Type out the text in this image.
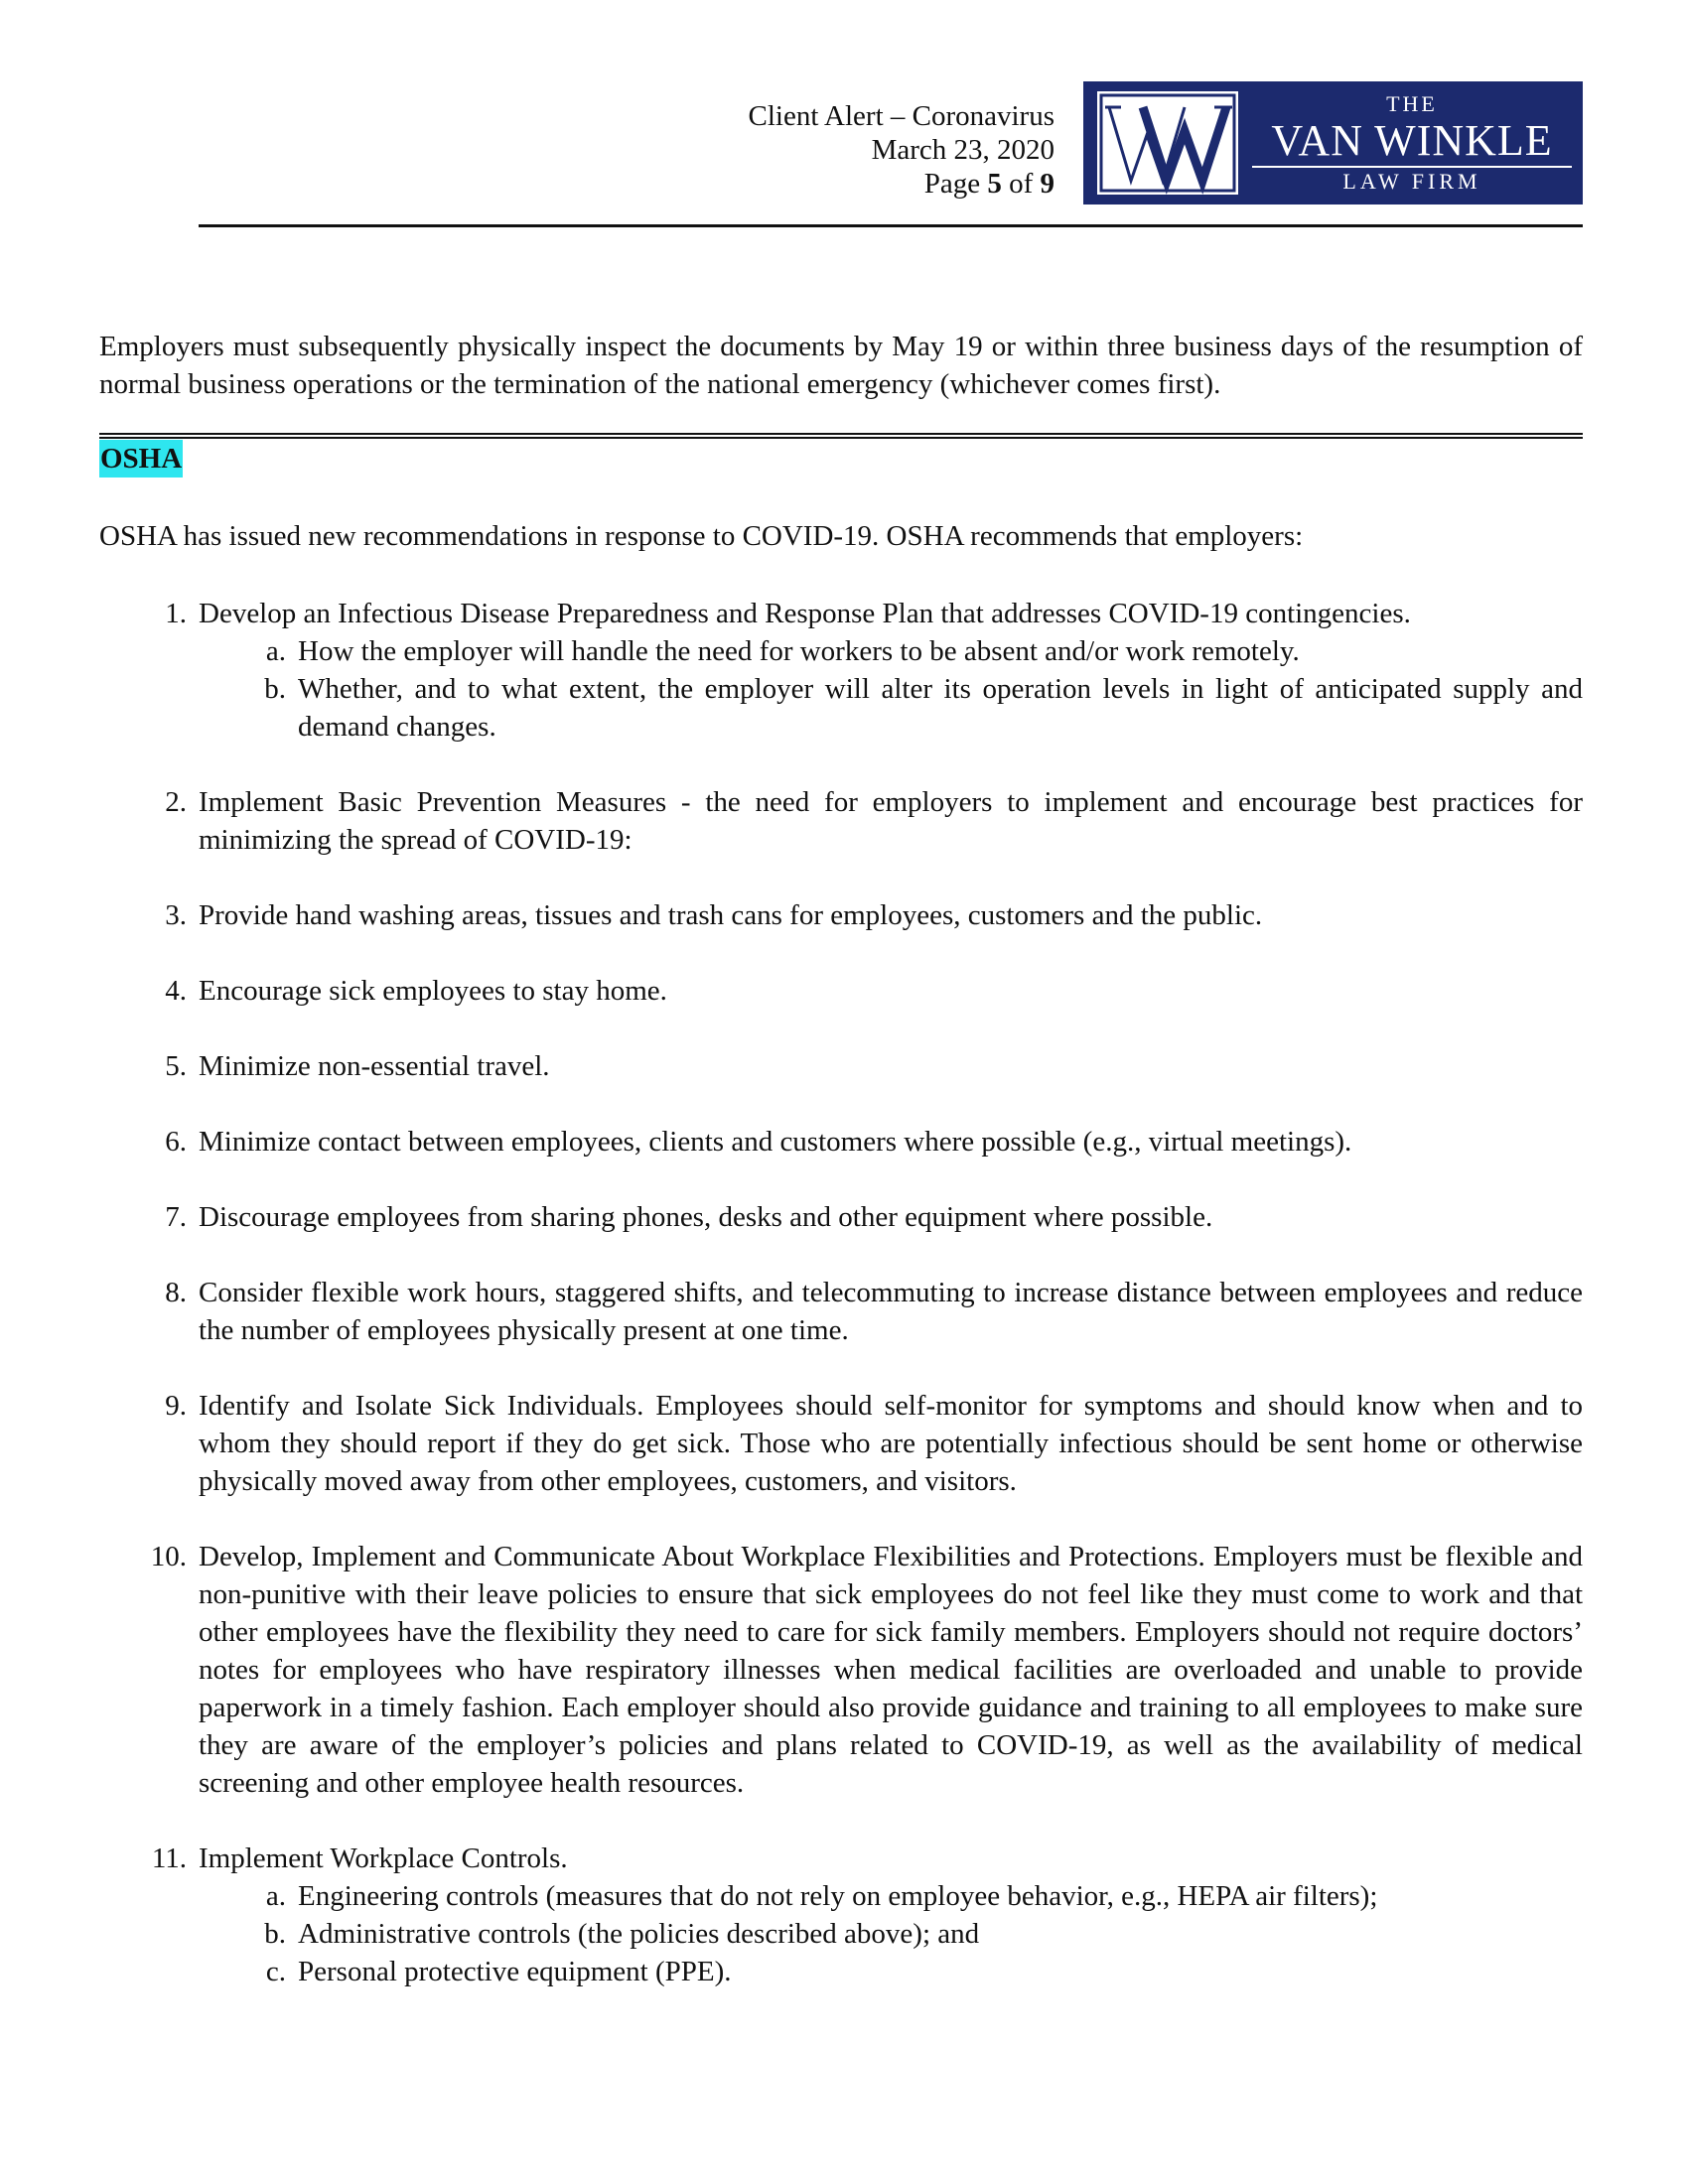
Client Alert – Coronavirus
March 23, 2020
Page 5 of 9
THE
VAN WINKLE
LAW FIRM

Employers must subsequently physically inspect the documents by May 19 or within three business days of the resumption of normal business operations or the termination of the national emergency (whichever comes first).

OSHA

OSHA has issued new recommendations in response to COVID-19. OSHA recommends that employers:

1. Develop an Infectious Disease Preparedness and Response Plan that addresses COVID-19 contingencies.
a. How the employer will handle the need for workers to be absent and/or work remotely.
b. Whether, and to what extent, the employer will alter its operation levels in light of anticipated supply and demand changes.
2. Implement Basic Prevention Measures - the need for employers to implement and encourage best practices for minimizing the spread of COVID-19:
3. Provide hand washing areas, tissues and trash cans for employees, customers and the public.
4. Encourage sick employees to stay home.
5. Minimize non-essential travel.
6. Minimize contact between employees, clients and customers where possible (e.g., virtual meetings).
7. Discourage employees from sharing phones, desks and other equipment where possible.
8. Consider flexible work hours, staggered shifts, and telecommuting to increase distance between employees and reduce the number of employees physically present at one time.
9. Identify and Isolate Sick Individuals. Employees should self-monitor for symptoms and should know when and to whom they should report if they do get sick. Those who are potentially infectious should be sent home or otherwise physically moved away from other employees, customers, and visitors.
10. Develop, Implement and Communicate About Workplace Flexibilities and Protections. Employers must be flexible and non-punitive with their leave policies to ensure that sick employees do not feel like they must come to work and that other employees have the flexibility they need to care for sick family members. Employers should not require doctors’ notes for employees who have respiratory illnesses when medical facilities are overloaded and unable to provide paperwork in a timely fashion. Each employer should also provide guidance and training to all employees to make sure they are aware of the employer’s policies and plans related to COVID-19, as well as the availability of medical screening and other employee health resources.
11. Implement Workplace Controls.
a. Engineering controls (measures that do not rely on employee behavior, e.g., HEPA air filters);
b. Administrative controls (the policies described above); and
c. Personal protective equipment (PPE).
